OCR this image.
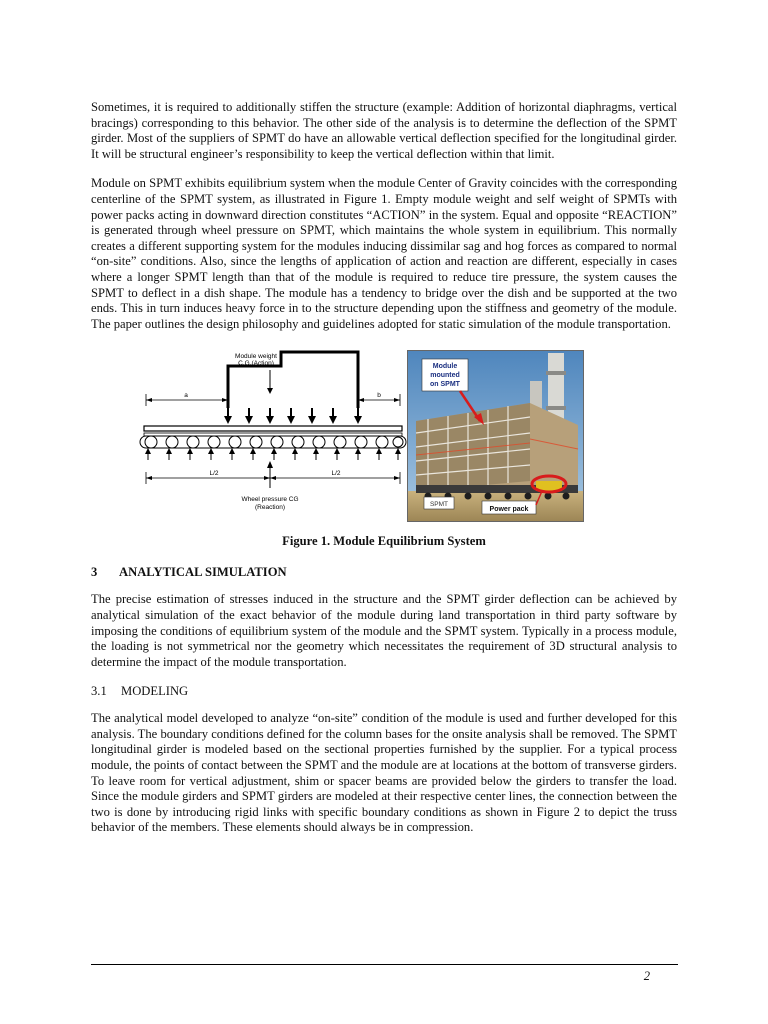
Sometimes, it is required to additionally stiffen the structure (example: Addition of horizontal diaphragms, vertical bracings) corresponding to this behavior. The other side of the analysis is to determine the deflection of the SPMT girder. Most of the suppliers of SPMT do have an allowable vertical deflection specified for the longitudinal girder. It will be structural engineer’s responsibility to keep the vertical deflection within that limit.

Module on SPMT exhibits equilibrium system when the module Center of Gravity coincides with the corresponding centerline of the SPMT system, as illustrated in Figure 1. Empty module weight and self weight of SPMTs with power packs acting in downward direction constitutes “ACTION” in the system. Equal and opposite “REACTION” is generated through wheel pressure on SPMT, which maintains the whole system in equilibrium. This normally creates a different supporting system for the modules inducing dissimilar sag and hog forces as compared to normal “on-site” conditions. Also, since the lengths of application of action and reaction are different, especially in cases where a longer SPMT length than that of the module is required to reduce tire pressure, the system causes the SPMT to deflect in a dish shape. The module has a tendency to bridge over the dish and be supported at the two ends. This in turn induces heavy force in to the structure depending upon the stiffness and geometry of the module. The paper outlines the design philosophy and guidelines adopted for static simulation of the module transportation.

Module weight
C.G.(Action)
a	b
L/2	L/2
Wheel pressure CG
(Reaction)
Module
mounted
on SPMT
SPMT
Power pack
Figure 1. Module Equilibrium System
3 ANALYTICAL SIMULATION

The precise estimation of stresses induced in the structure and the SPMT girder deflection can be achieved by analytical simulation of the exact behavior of the module during land transportation in third party software by imposing the conditions of equilibrium system of the module and the SPMT system. Typically in a process module, the loading is not symmetrical nor the geometry which necessitates the requirement of 3D structural analysis to determine the impact of the module transportation.

3.1 MODELING

The analytical model developed to analyze “on-site” condition of the module is used and further developed for this analysis. The boundary conditions defined for the column bases for the onsite analysis shall be removed. The SPMT longitudinal girder is modeled based on the sectional properties furnished by the supplier. For a typical process module, the points of contact between the SPMT and the module are at locations at the bottom of transverse girders. To leave room for vertical adjustment, shim or spacer beams are provided below the girders to transfer the load. Since the module girders and SPMT girders are modeled at their respective center lines, the connection between the two is done by introducing rigid links with specific boundary conditions as shown in Figure 2 to depict the truss behavior of the members. These elements should always be in compression.

2
